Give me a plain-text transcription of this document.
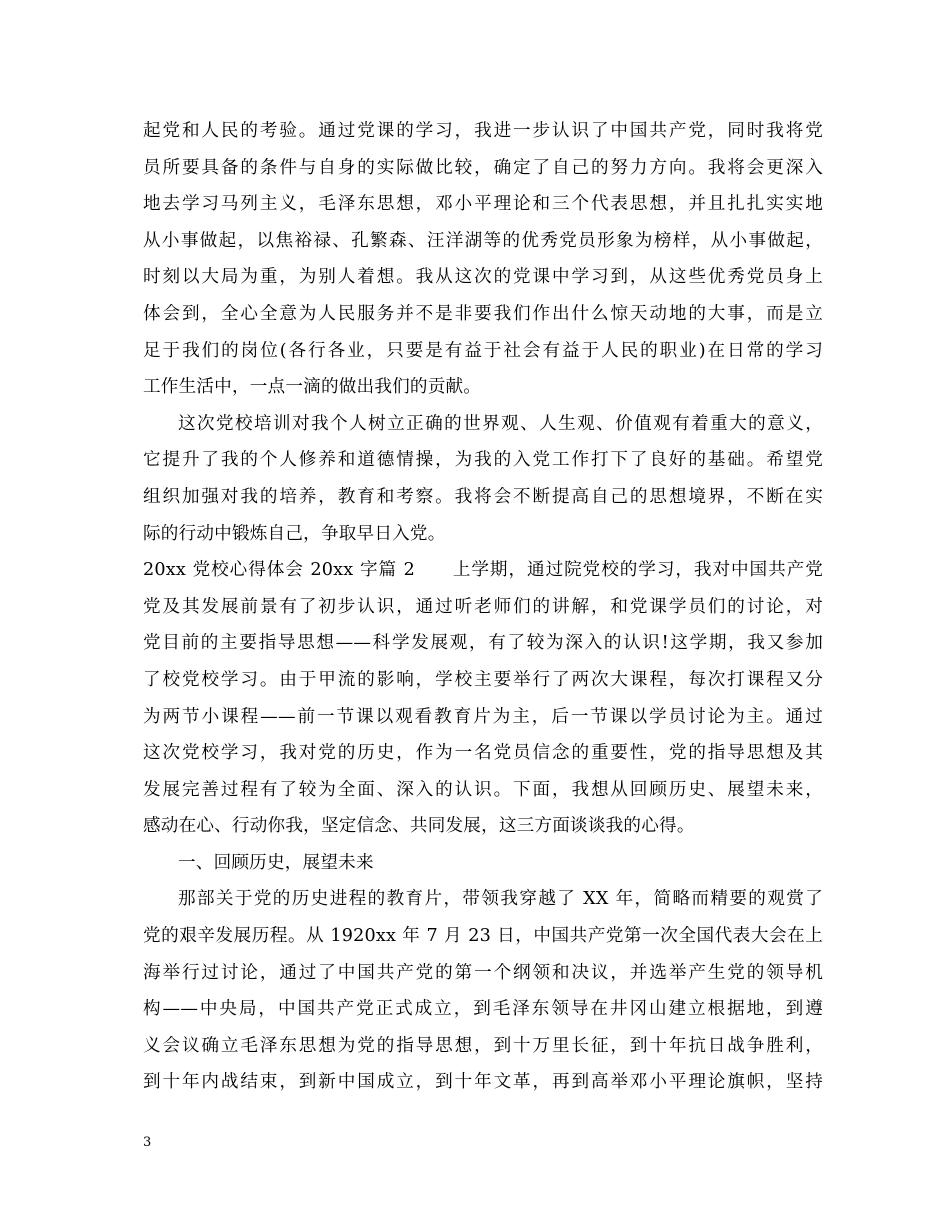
起党和人民的考验。通过党课的学习，我进一步认识了中国共产党，同时我将党
员所要具备的条件与自身的实际做比较，确定了自己的努力方向。我将会更深入
地去学习马列主义，毛泽东思想，邓小平理论和三个代表思想，并且扎扎实实地
从小事做起，以焦裕禄、孔繁森、汪洋湖等的优秀党员形象为榜样，从小事做起，
时刻以大局为重，为别人着想。我从这次的党课中学习到，从这些优秀党员身上
体会到，全心全意为人民服务并不是非要我们作出什么惊天动地的大事，而是立
足于我们的岗位(各行各业，只要是有益于社会有益于人民的职业)在日常的学习
工作生活中，一点一滴的做出我们的贡献。
这次党校培训对我个人树立正确的世界观、人生观、价值观有着重大的意义，
它提升了我的个人修养和道德情操，为我的入党工作打下了良好的基础。希望党
组织加强对我的培养，教育和考察。我将会不断提高自己的思想境界，不断在实
际的行动中锻炼自己，争取早日入党。
20xx 党校心得体会 20xx 字篇 2　　上学期，通过院党校的学习，我对中国共产党
党及其发展前景有了初步认识，通过听老师们的讲解，和党课学员们的讨论，对
党目前的主要指导思想——科学发展观，有了较为深入的认识!这学期，我又参加
了校党校学习。由于甲流的影响，学校主要举行了两次大课程，每次打课程又分
为两节小课程——前一节课以观看教育片为主，后一节课以学员讨论为主。通过
这次党校学习，我对党的历史，作为一名党员信念的重要性，党的指导思想及其
发展完善过程有了较为全面、深入的认识。下面，我想从回顾历史、展望未来，
感动在心、行动你我，坚定信念、共同发展，这三方面谈谈我的心得。
一、回顾历史，展望未来
那部关于党的历史进程的教育片，带领我穿越了 XX 年，简略而精要的观赏了
党的艰辛发展历程。从 1920xx 年 7 月 23 日，中国共产党第一次全国代表大会在上
海举行过讨论，通过了中国共产党的第一个纲领和决议，并选举产生党的领导机
构——中央局，中国共产党正式成立，到毛泽东领导在井冈山建立根据地，到遵
义会议确立毛泽东思想为党的指导思想，到十万里长征，到十年抗日战争胜利，
到十年内战结束，到新中国成立，到十年文革，再到高举邓小平理论旗帜，坚持
3
